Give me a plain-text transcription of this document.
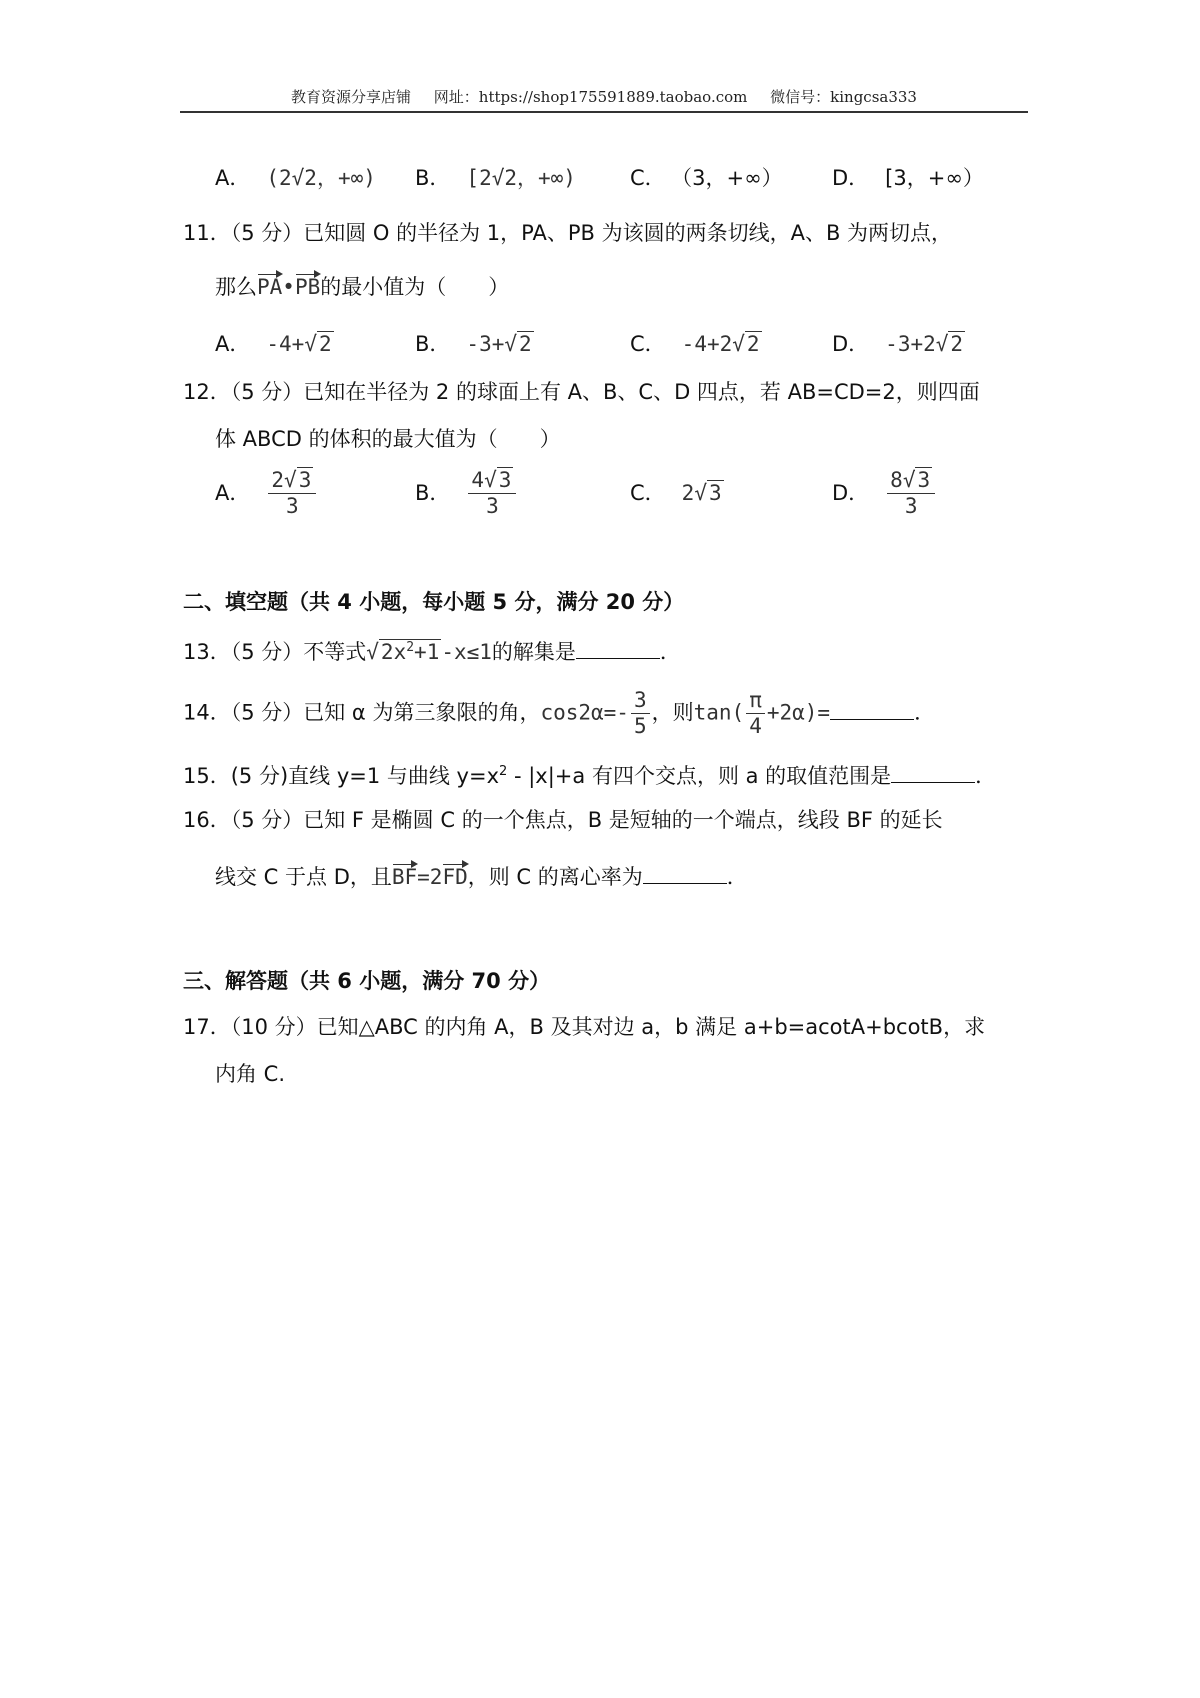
教育资源分享店铺 网址：https://shop175591889.taobao.com 微信号：kingcsa333
A． (2√2，+∞) B． [2√2，+∞)	C． （3，+∞） D． [3，+∞）
11．（5 分）已知圆 O 的半径为 1，PA、PB 为该圆的两条切线，A、B 为两切点，
那么PA•PB的最小值为（　　）
A． -4+√2	B． -3+√2	C． -4+2√2	D． -3+2√2
12．（5 分）已知在半径为 2 的球面上有 A、B、C、D 四点，若 AB=CD=2，则四面
体 ABCD 的体积的最大值为（　　）
A． $\frac{2√3}{3}$	B． $\frac{4√3}{3}$	C． 2√3	D． $\frac{8√3}{3}$
二、填空题（共 4 小题，每小题 5 分，满分 20 分）
13．（5 分）不等式$√2x^2+1-x\le 1$的解集是	．
14．（5 分）已知 α 为第三象限的角，$\cos 2\alpha=- \frac{3}{5}$ ，则$\tan( \frac{\pi}{4} +2\alpha)=$	．
15．(5 分)直线 y=1 与曲线 $y=x^2 - |x|+a$ 有四个交点，则 a 的取值范围是	．
16．（5 分）已知 F 是椭圆 C 的一个焦点，B 是短轴的一个端点，线段 BF 的延长
线交 C 于点 D，且BF=2FD，则 C 的离心率为	．
三、解答题（共 6 小题，满分 70 分）
17．（10 分）已知△ABC 的内角 A，B 及其对边 a，b 满足 a+b=acotA+bcotB，求
内角 C.
